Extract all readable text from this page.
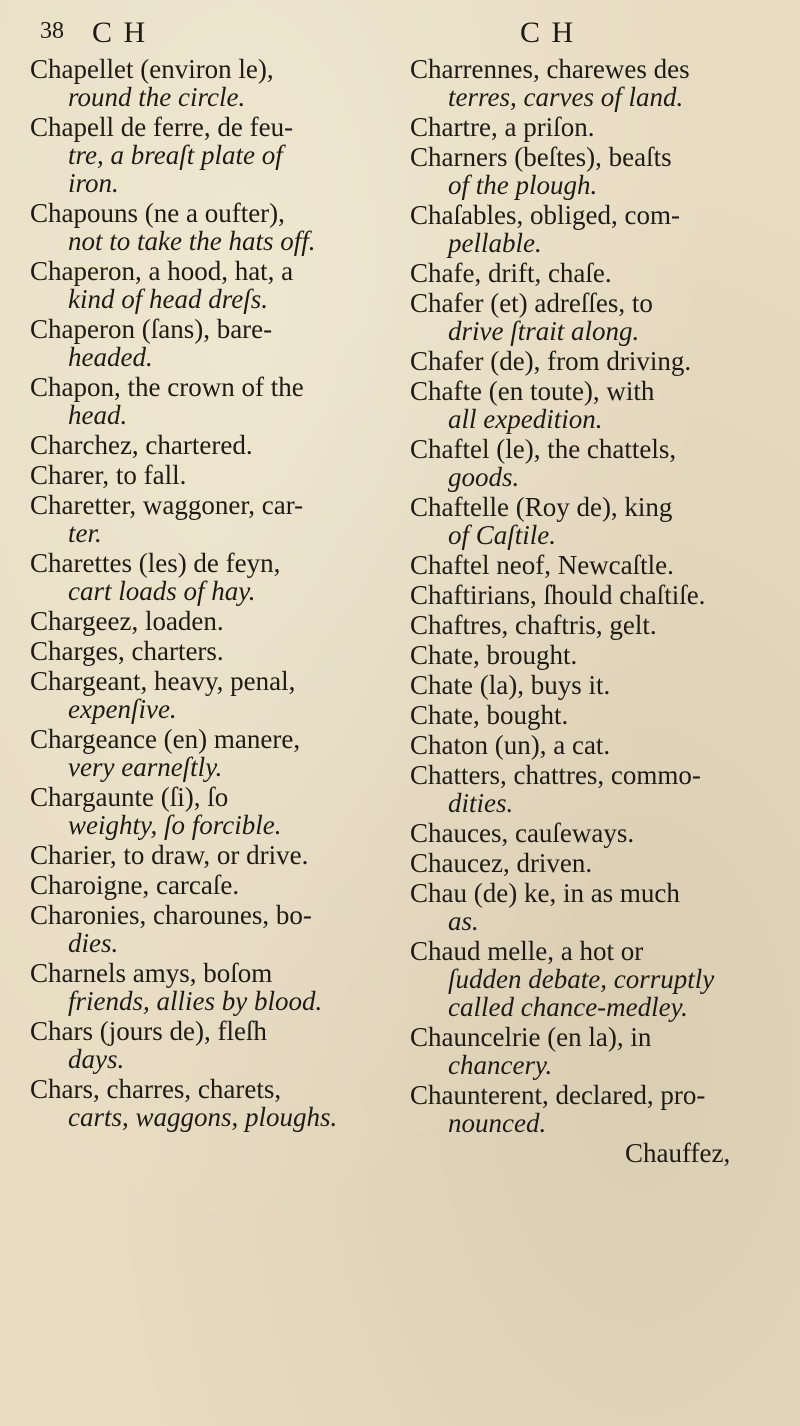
38 C H	C H
Chapellet (environ le),
round the circle.
Chapell de ferre, de feu-
tre, a breaſt plate of
iron.
Chapouns (ne a oufter),
not to take the hats off.
Chaperon, a hood, hat, a
kind of head dreſs.
Chaperon (ſans), bare-
headed.
Chapon, the crown of the
head.
Charchez, chartered.
Charer, to fall.
Charetter, waggoner, car-
ter.
Charettes (les) de feyn,
cart loads of hay.
Chargeez, loaden.
Charges, charters.
Chargeant, heavy, penal,
expenſive.
Chargeance (en) manere,
very earneſtly.
Chargaunte (ſi), ſo
weighty, ſo forcible.
Charier, to draw, or drive.
Charoigne, carcaſe.
Charonies, charounes, bo-
dies.
Charnels amys, boſom
friends, allies by blood.
Chars (jours de), fleſh
days.
Chars, charres, charets,
carts, waggons, ploughs.
Charrennes, charewes des
terres, carves of land.
Chartre, a priſon.
Charners (beſtes), beaſts
of the plough.
Chaſables, obliged, com-
pellable.
Chafe, drift, chaſe.
Chafer (et) adreſſes, to
drive ſtrait along.
Chafer (de), from driving.
Chafte (en toute), with
all expedition.
Chaftel (le), the chattels,
goods.
Chaftelle (Roy de), king
of Caſtile.
Chaftel neof, Newcaſtle.
Chaftirians, ſhould chaſtiſe.
Chaftres, chaftris, gelt.
Chate, brought.
Chate (la), buys it.
Chate, bought.
Chaton (un), a cat.
Chatters, chattres, commo-
dities.
Chauces, cauſeways.
Chaucez, driven.
Chau (de) ke, in as much
as.
Chaud melle, a hot or
ſudden debate, corruptly
called chance-medley.
Chauncelrie (en la), in
chancery.
Chaunterent, declared, pro-
nounced.
Chauffez,
